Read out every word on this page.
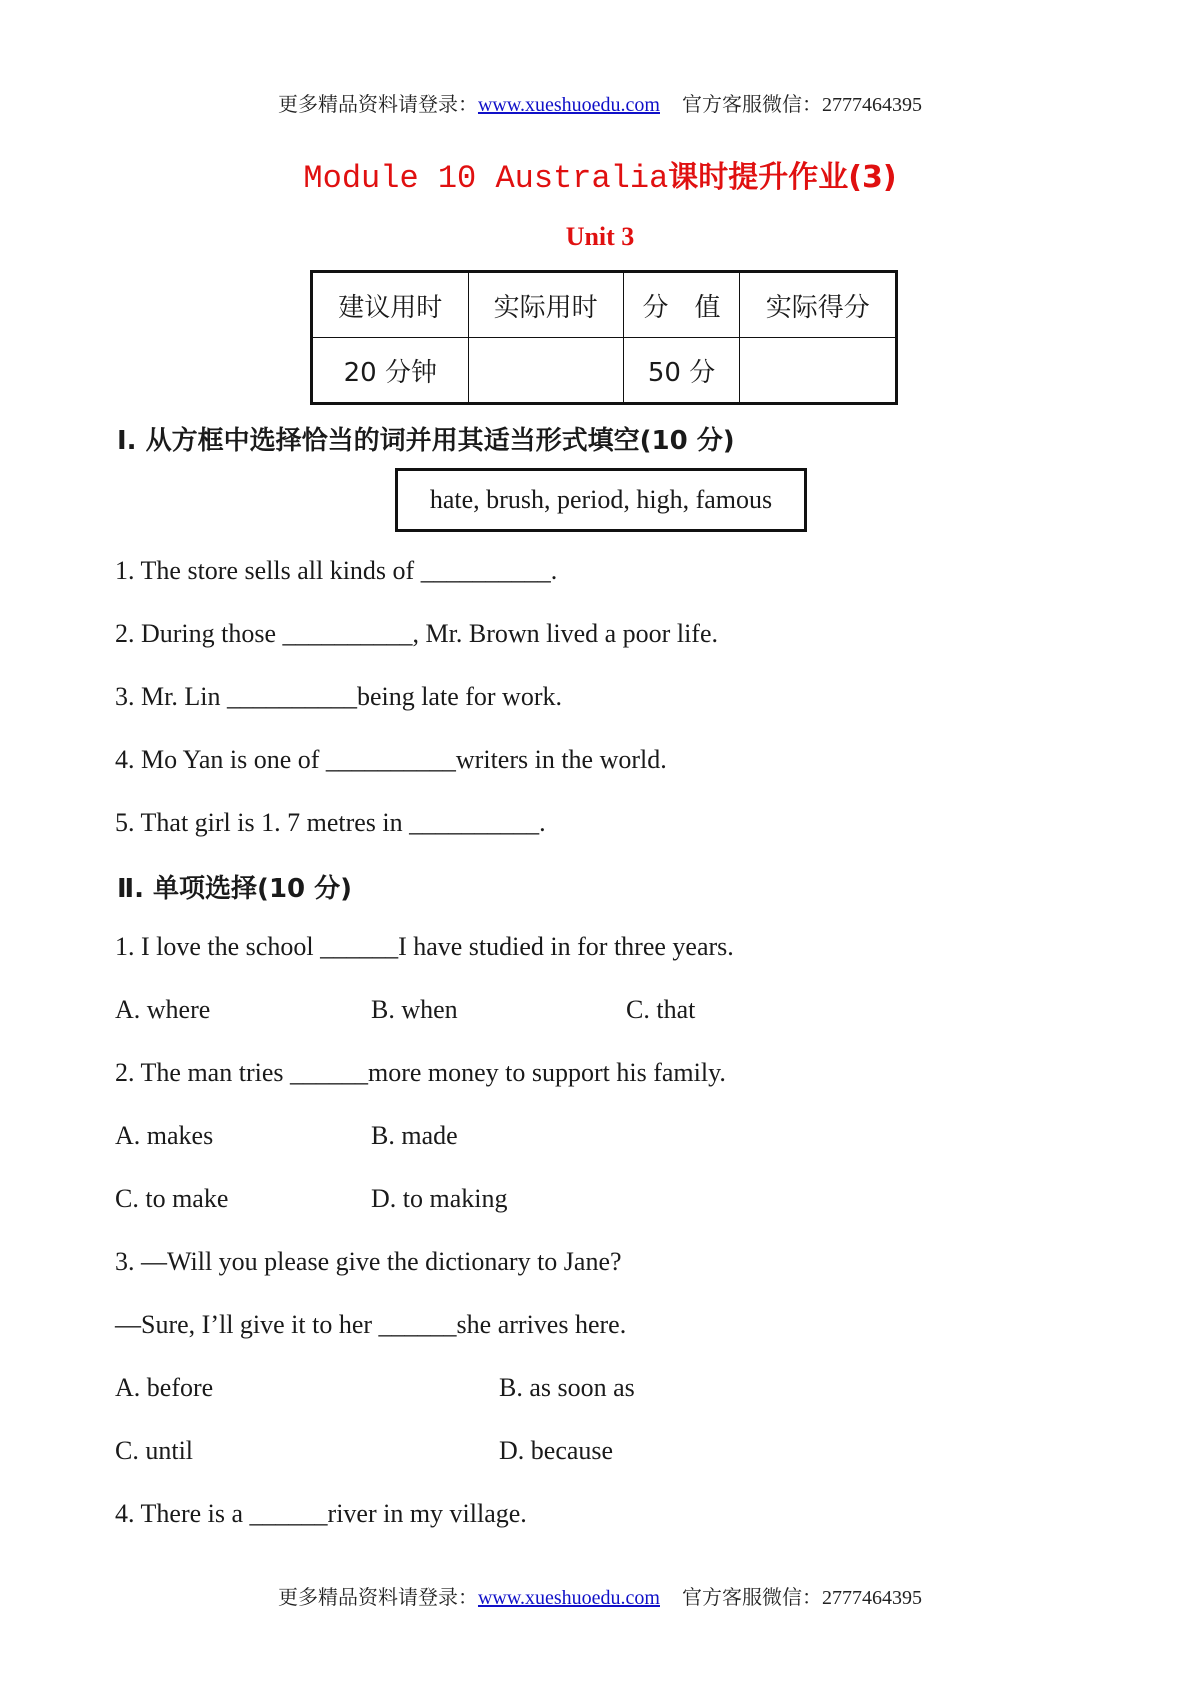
更多精品资料请登录：www.xueshuoedu.com 官方客服微信：2777464395
Module 10 Australia课时提升作业(3)
Unit 3
建议用时	实际用时	分　值	实际得分
20 分钟		50 分	
Ⅰ. 从方框中选择恰当的词并用其适当形式填空(10 分)
hate, brush, period, high, famous
1. The store sells all kinds of __________.
2. During those __________, Mr. Brown lived a poor life.
3. Mr. Lin __________being late for work.
4. Mo Yan is one of __________writers in the world.
5. That girl is 1. 7 metres in __________.
Ⅱ. 单项选择(10 分)
1. I love the school ______I have studied in for three years.
A. where	B. when	C. that
2. The man tries ______more money to support his family.
A. makes	B. made
C. to make	D. to making
3. —Will you please give the dictionary to Jane?
—Sure, I’ll give it to her ______she arrives here.
A. before	B. as soon as
C. until	D. because
4. There is a ______river in my village.
更多精品资料请登录：www.xueshuoedu.com 官方客服微信：2777464395
